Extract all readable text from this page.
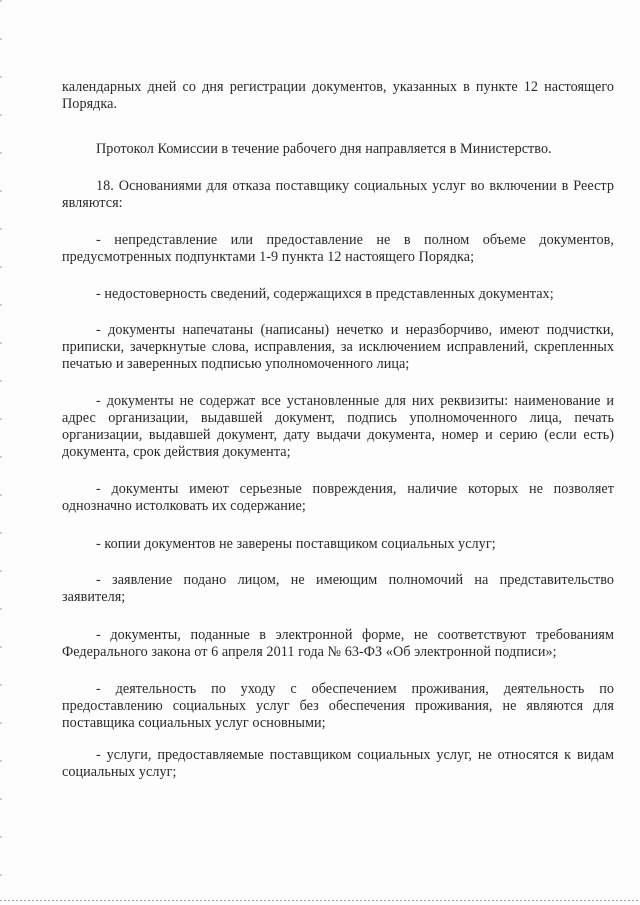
календарных дней со дня регистрации документов, указанных в пункте 12 настоящего Порядка.

Протокол Комиссии в течение рабочего дня направляется в Министерство.

18. Основаниями для отказа поставщику социальных услуг во включении в Реестр являются:

- непредставление или предоставление не в полном объеме документов, предусмотренных подпунктами 1-9 пункта 12 настоящего Порядка;

- недостоверность сведений, содержащихся в представленных документах;

- документы напечатаны (написаны) нечетко и неразборчиво, имеют подчистки, приписки, зачеркнутые слова, исправления, за исключением исправлений, скрепленных печатью и заверенных подписью уполномоченного лица;

- документы не содержат все установленные для них реквизиты: наименование и адрес организации, выдавшей документ, подпись уполномоченного лица, печать организации, выдавшей документ, дату выдачи документа, номер и серию (если есть) документа, срок действия документа;

- документы имеют серьезные повреждения, наличие которых не позволяет однозначно истолковать их содержание;

- копии документов не заверены поставщиком социальных услуг;

- заявление подано лицом, не имеющим полномочий на представительство заявителя;

- документы, поданные в электронной форме, не соответствуют требованиям Федерального закона от 6 апреля 2011 года № 63-ФЗ «Об электронной подписи»;

- деятельность по уходу с обеспечением проживания, деятельность по предоставлению социальных услуг без обеспечения проживания, не являются для поставщика социальных услуг основными;

- услуги, предоставляемые поставщиком социальных услуг, не относятся к видам социальных услуг;
